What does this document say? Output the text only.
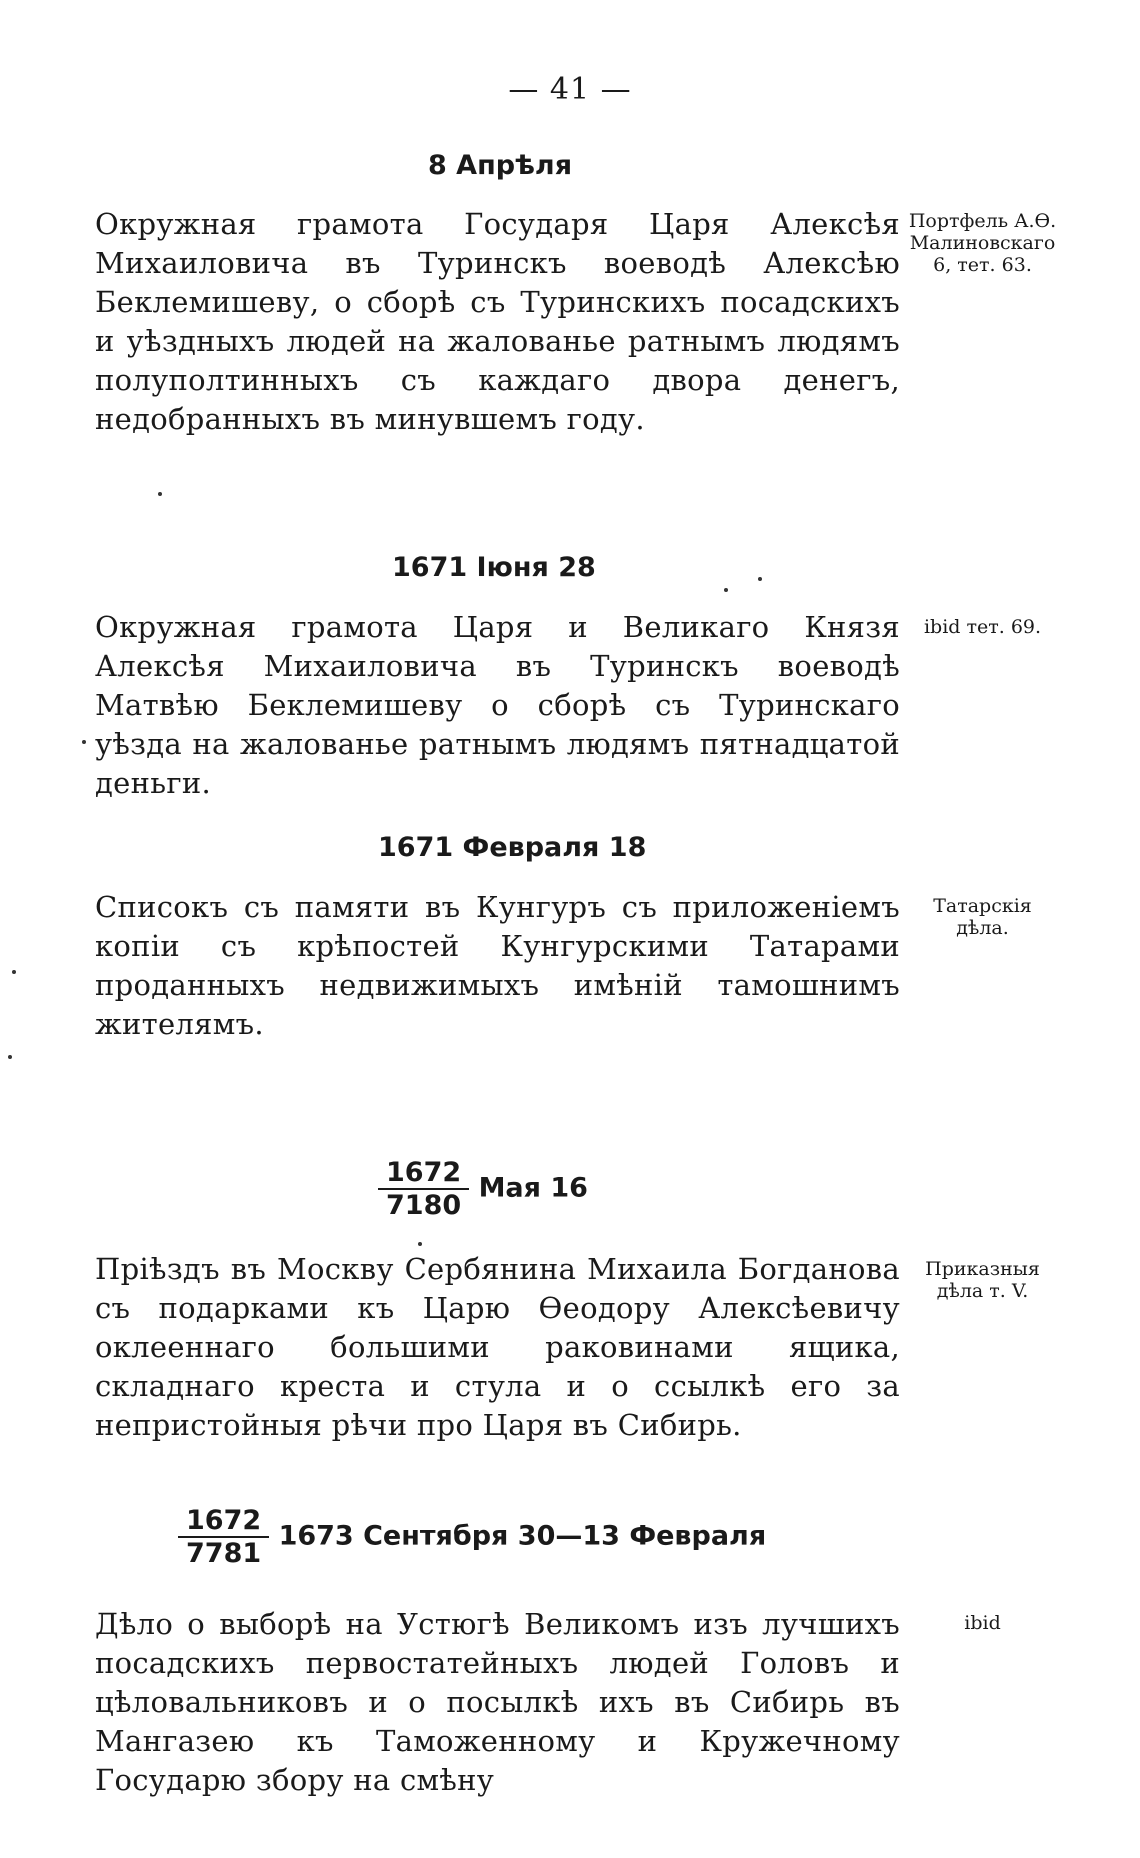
— 41 —
8 Апрѣля
Окружная грамота Государя Царя Алексѣя Михаиловича въ Туринскъ воеводѣ Алексѣю Беклемишеву, о сборѣ съ Туринскихъ посадскихъ и уѣздныхъ людей на жалованье ратнымъ людямъ полуполтинныхъ съ каждаго двора денегъ, недобранныхъ въ минувшемъ году.
Портфель А.Ѳ. Малиновскаго 6, тет. 63.
1671 Іюня 28
Окружная грамота Царя и Великаго Князя Алексѣя Михаиловича въ Туринскъ воеводѣ Матвѣю Беклемишеву о сборѣ съ Туринскаго уѣзда на жалованье ратнымъ людямъ пятнадцатой деньги.
ibid тет. 69.
1671 Февраля 18
Списокъ съ памяти въ Кунгуръ съ приложеніемъ копіи съ крѣпостей Кунгурскими Татарами проданныхъ недвижимыхъ имѣній тамошнимъ жителямъ.
Татарскія дѣла.
$\frac{1672}{7180}$ Мая 16
Пріѣздъ въ Москву Сербянина Михаила Богданова съ подарками къ Царю Ѳеодору Алексѣевичу оклееннаго большими раковинами ящика, складнаго креста и стула и о ссылкѣ его за непристойныя рѣчи про Царя въ Сибирь.
Приказныя дѣла т. V.
$\frac{1672}{7781} 1673$ Сентября 30—13 Февраля
Дѣло о выборѣ на Устюгѣ Великомъ изъ лучшихъ посадскихъ первостатейныхъ людей Головъ и цѣловальниковъ и о посылкѣ ихъ въ Сибирь въ Мангазею къ Таможенному и Кружечному Государю збору на смѣну
ibid
